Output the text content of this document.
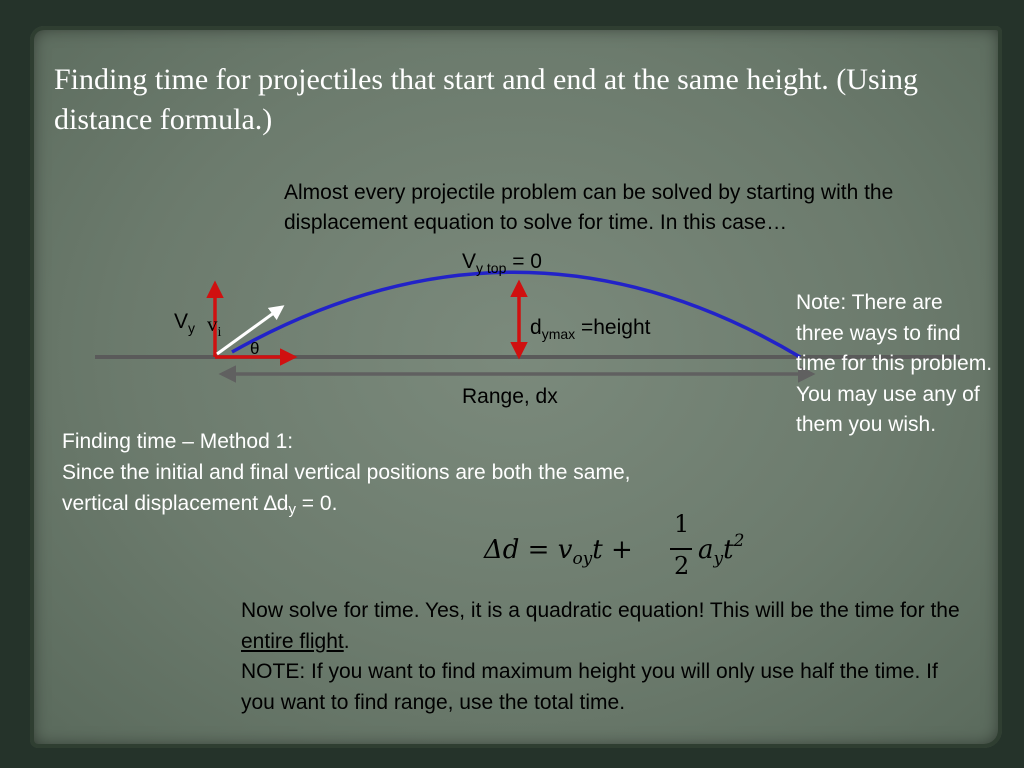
Finding time for projectiles that start and end at the same height. (Using distance formula.)
Almost every projectile problem can be solved by starting with the displacement equation to solve for time. In this case…
$V_{y top} = 0$
$V_y$ $v_i$
θ
$d_{ymax}$ =height
Range, dx
Note: There are three ways to find time for this problem. You may use any of them you wish.
Finding time – Method 1:
Since the initial and final vertical positions are both the same, vertical displacement ∆dy = 0.
$\Delta d = v_{oy}t$ +
1
2
$a_yt^2$
Now solve for time. Yes, it is a quadratic equation! This will be the time for the entire flight.
NOTE: If you want to find maximum height you will only use half the time. If you want to find range, use the total time.
